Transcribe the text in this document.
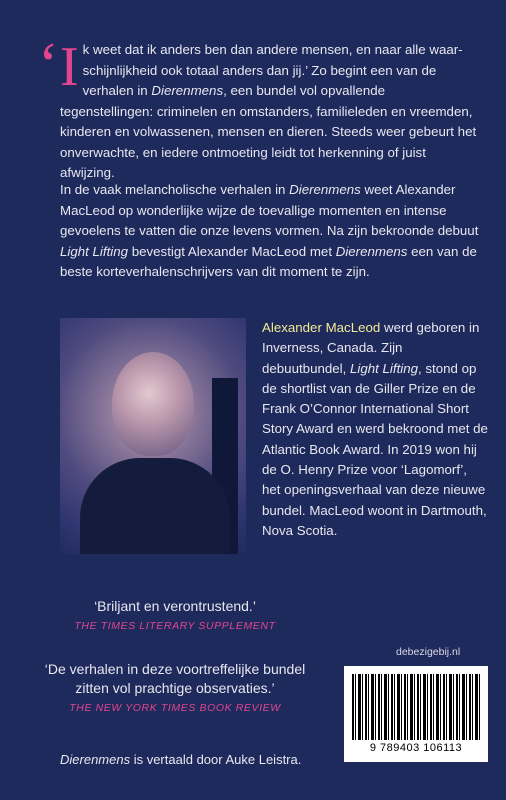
‘ I k weet dat ik anders ben dan andere mensen, en naar alle waar-schijnlijkheid ook totaal anders dan jij.’ Zo begint een van de verhalen in Dierenmens, een bundel vol opvallende tegenstellingen: criminelen en omstanders, familieleden en vreemden, kinderen en volwassenen, mensen en dieren. Steeds weer gebeurt het onverwachte, en iedere ontmoeting leidt tot herkenning of juist afwijzing.
In de vaak melancholische verhalen in Dierenmens weet Alexander MacLeod op wonderlijke wijze de toevallige momenten en intense gevoelens te vatten die onze levens vormen. Na zijn bekroonde debuut Light Lifting bevestigt Alexander MacLeod met Dierenmens een van de beste korteverhalenschrijvers van dit moment te zijn.
Alexander MacLeod werd geboren in Inverness, Canada. Zijn debuutbundel, Light Lifting, stond op de shortlist van de Giller Prize en de Frank O’Connor International Short Story Award en werd bekroond met de Atlantic Book Award. In 2019 won hij de O. Henry Prize voor ‘Lagomorf’, het openingsverhaal van deze nieuwe bundel. MacLeod woont in Dartmouth, Nova Scotia.
‘Briljant en verontrustend.’
THE TIMES LITERARY SUPPLEMENT
‘De verhalen in deze voortreffelijke bundel zitten vol prachtige observaties.’
THE NEW YORK TIMES BOOK REVIEW
debezigebij.nl
9 789403 106113
Dierenmens is vertaald door Auke Leistra.
